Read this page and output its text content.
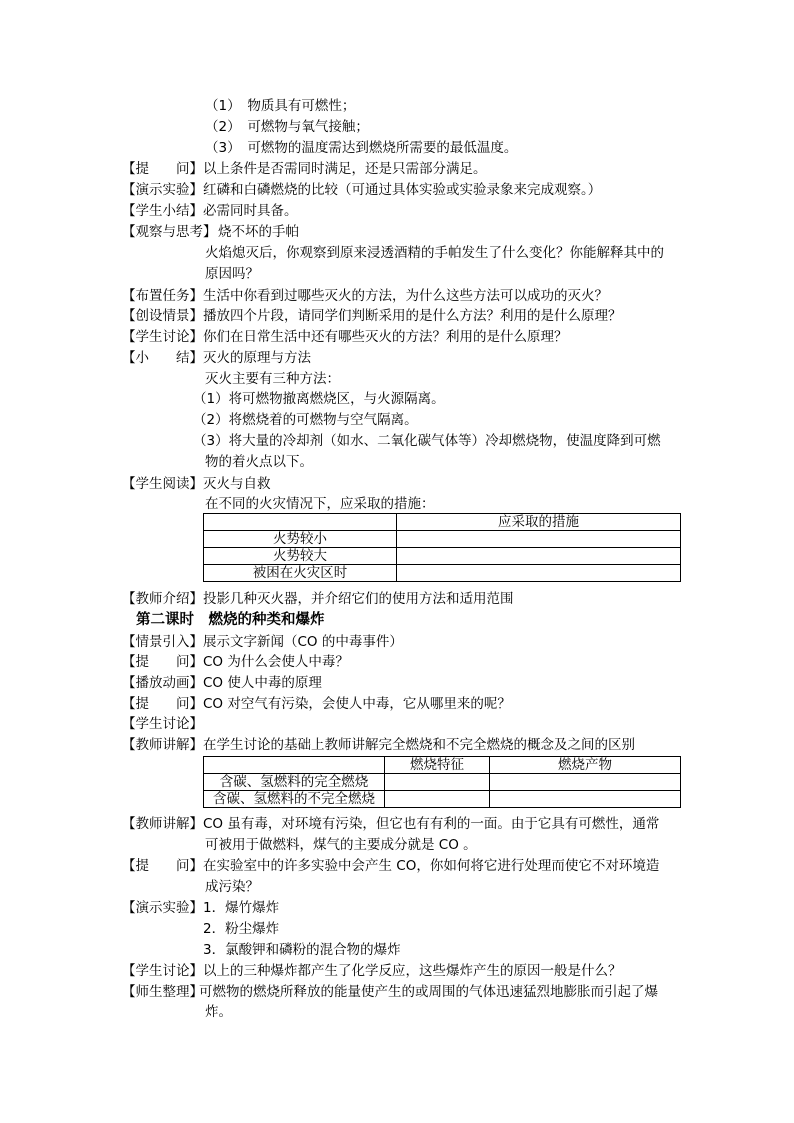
（1）　物质具有可燃性；
（2）　可燃物与氧气接触；
（3）　可燃物的温度需达到燃烧所需要的最低温度。
【提　　问】 以上条件是否需同时满足，还是只需部分满足。
【演示实验】 红磷和白磷燃烧的比较（可通过具体实验或实验录象来完成观察。）
【学生小结】 必需同时具备。
【观察与思考】 烧不坏的手帕
火焰熄灭后，你观察到原来浸透酒精的手帕发生了什么变化？你能解释其中的
原因吗？
【布置任务】 生活中你看到过哪些灭火的方法，为什么这些方法可以成功的灭火？
【创设情景】 播放四个片段，请同学们判断采用的是什么方法？利用的是什么原理？
【学生讨论】 你们在日常生活中还有哪些灭火的方法？利用的是什么原理？
【小　　结】 灭火的原理与方法
灭火主要有三种方法：
（1）将可燃物撤离燃烧区，与火源隔离。
（2）将燃烧着的可燃物与空气隔离。
（3）将大量的冷却剂（如水、二氧化碳气体等）冷却燃烧物，使温度降到可燃
物的着火点以下。
【学生阅读】 灭火与自救
在不同的火灾情况下，应采取的措施：
	应采取的措施
火势较小	
火势较大	
被困在火灾区时	
【教师介绍】 投影几种灭火器，并介绍它们的使用方法和适用范围
第二课时　燃烧的种类和爆炸
【情景引入】 展示文字新闻（CO 的中毒事件）
【提　　问】 CO 为什么会使人中毒？
【播放动画】 CO 使人中毒的原理
【提　　问】 CO 对空气有污染，会使人中毒，它从哪里来的呢？
【学生讨论】
【教师讲解】 在学生讨论的基础上教师讲解完全燃烧和不完全燃烧的概念及之间的区别
	燃烧特征	燃烧产物
含碳、氢燃料的完全燃烧		
含碳、氢燃料的不完全燃烧		
【教师讲解】 CO 虽有毒，对环境有污染，但它也有有利的一面。由于它具有可燃性，通常
可被用于做燃料，煤气的主要成分就是 CO 。
【提　　问】 在实验室中的许多实验中会产生 CO，你如何将它进行处理而使它不对环境造
成污染？
【演示实验】 1．爆竹爆炸
2．粉尘爆炸
3．氯酸钾和磷粉的混合物的爆炸
【学生讨论】 以上的三种爆炸都产生了化学反应，这些爆炸产生的原因一般是什么？
【师生整理】
可燃物的燃烧所释放的能量使产生的或周围的气体迅速猛烈地膨胀而引起了爆
炸。
